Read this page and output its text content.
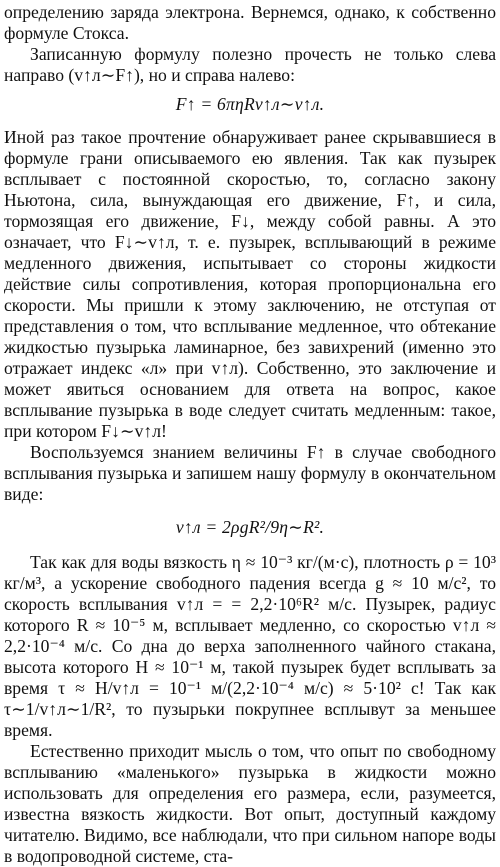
определению заряда электрона. Вернемся, однако, к собственно формуле Стокса.

Записанную формулу полезно прочесть не только слева направо (v↑л∼F↑), но и справа налево:

F↑ = 6πηRv↑л∼v↑л.

Иной раз такое прочтение обнаруживает ранее скрывавшиеся в формуле грани описываемого ею явления. Так как пузырек всплывает с постоянной скоростью, то, согласно закону Ньютона, сила, вынуждающая его движение, F↑, и сила, тормозящая его движение, F↓, между собой равны. А это означает, что F↓∼v↑л, т. е. пузырек, всплывающий в режиме медленного движения, испытывает со стороны жидкости действие силы сопротивления, которая пропорциональна его скорости. Мы пришли к этому заключению, не отступая от представления о том, что всплывание медленное, что обтекание жидкостью пузырька ламинарное, без завихрений (именно это отражает индекс «л» при v↑л). Собственно, это заключение и может явиться основанием для ответа на вопрос, какое всплывание пузырька в воде следует считать медленным: такое, при котором F↓∼v↑л!

Воспользуемся знанием величины F↑ в случае свободного всплывания пузырька и запишем нашу формулу в окончательном виде:

v↑л = 2ρgR²/9η∼R².

Так как для воды вязкость η ≈ 10⁻³ кг/(м·с), плотность ρ = 10³ кг/м³, а ускорение свободного падения всегда g ≈ 10 м/с², то скорость всплывания v↑л = = 2,2·10⁶R² м/с. Пузырек, радиус которого R ≈ 10⁻⁵ м, всплывает медленно, со скоростью v↑л ≈ 2,2·10⁻⁴ м/с. Со дна до верха заполненного чайного стакана, высота которого H ≈ 10⁻¹ м, такой пузырек будет всплывать за время τ ≈ H/v↑л = 10⁻¹ м/(2,2·10⁻⁴ м/с) ≈ 5·10² с! Так как τ∼1/v↑л∼1/R², то пузырьки покрупнее всплывут за меньшее время.

Естественно приходит мысль о том, что опыт по свободному всплыванию «маленького» пузырька в жидкости можно использовать для определения его размера, если, разумеется, известна вязкость жидкости. Вот опыт, доступный каждому читателю. Видимо, все наблюдали, что при сильном напоре воды в водопроводной системе, ста-
